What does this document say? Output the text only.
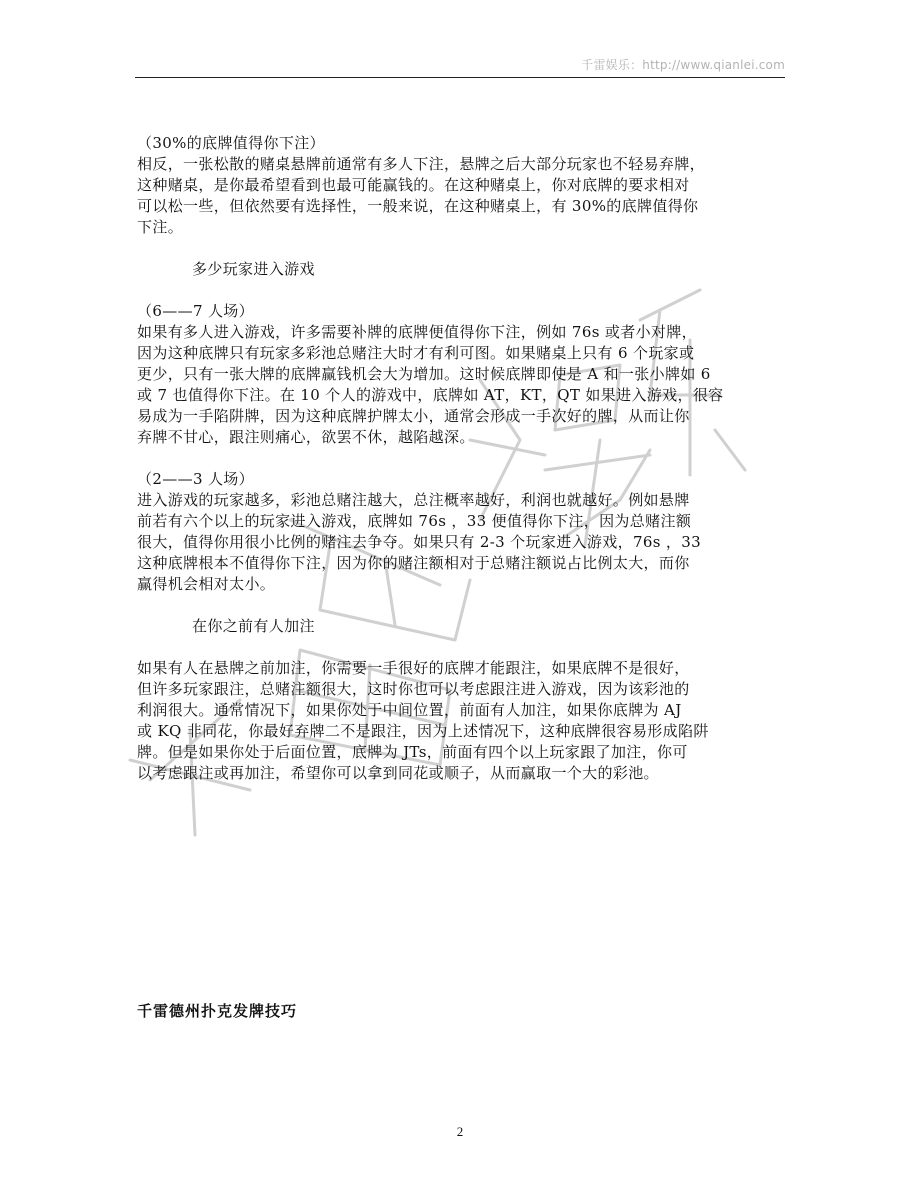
千雷娱乐：http://www.qianlei.com

（30%的底牌值得你下注）

相反，一张松散的赌桌悬牌前通常有多人下注，悬牌之后大部分玩家也不轻易弃牌，

这种赌桌，是你最希望看到也最可能赢钱的。在这种赌桌上，你对底牌的要求相对

可以松一些，但依然要有选择性，一般来说，在这种赌桌上，有 30%的底牌值得你

下注。

多少玩家进入游戏

（6——7 人场）

如果有多人进入游戏，许多需要补牌的底牌便值得你下注，例如 76s 或者小对牌，

因为这种底牌只有玩家多彩池总赌注大时才有利可图。如果赌桌上只有 6 个玩家或

更少，只有一张大牌的底牌赢钱机会大为增加。这时候底牌即使是 A 和一张小牌如 6

或 7 也值得你下注。在 10 个人的游戏中，底牌如 AT，KT，QT 如果进入游戏，很容

易成为一手陷阱牌，因为这种底牌护牌太小，通常会形成一手次好的牌，从而让你

弃牌不甘心，跟注则痛心，欲罢不休，越陷越深。

（2——3 人场）

进入游戏的玩家越多，彩池总赌注越大，总注概率越好，利润也就越好。例如悬牌

前若有六个以上的玩家进入游戏，底牌如 76s ，33 便值得你下注，因为总赌注额

很大，值得你用很小比例的赌注去争夺。如果只有 2-3 个玩家进入游戏，76s ，33

这种底牌根本不值得你下注，因为你的赌注额相对于总赌注额说占比例太大，而你

赢得机会相对太小。

在你之前有人加注

如果有人在悬牌之前加注，你需要一手很好的底牌才能跟注，如果底牌不是很好，

但许多玩家跟注，总赌注额很大，这时你也可以考虑跟注进入游戏，因为该彩池的

利润很大。通常情况下，如果你处于中间位置，前面有人加注，如果你底牌为 AJ

或 KQ 非同花，你最好弃牌二不是跟注，因为上述情况下，这种底牌很容易形成陷阱

牌。但是如果你处于后面位置，底牌为 JTs，前面有四个以上玩家跟了加注，你可

以考虑跟注或再加注，希望你可以拿到同花或顺子，从而赢取一个大的彩池。

千雷德州扑克发牌技巧
2
